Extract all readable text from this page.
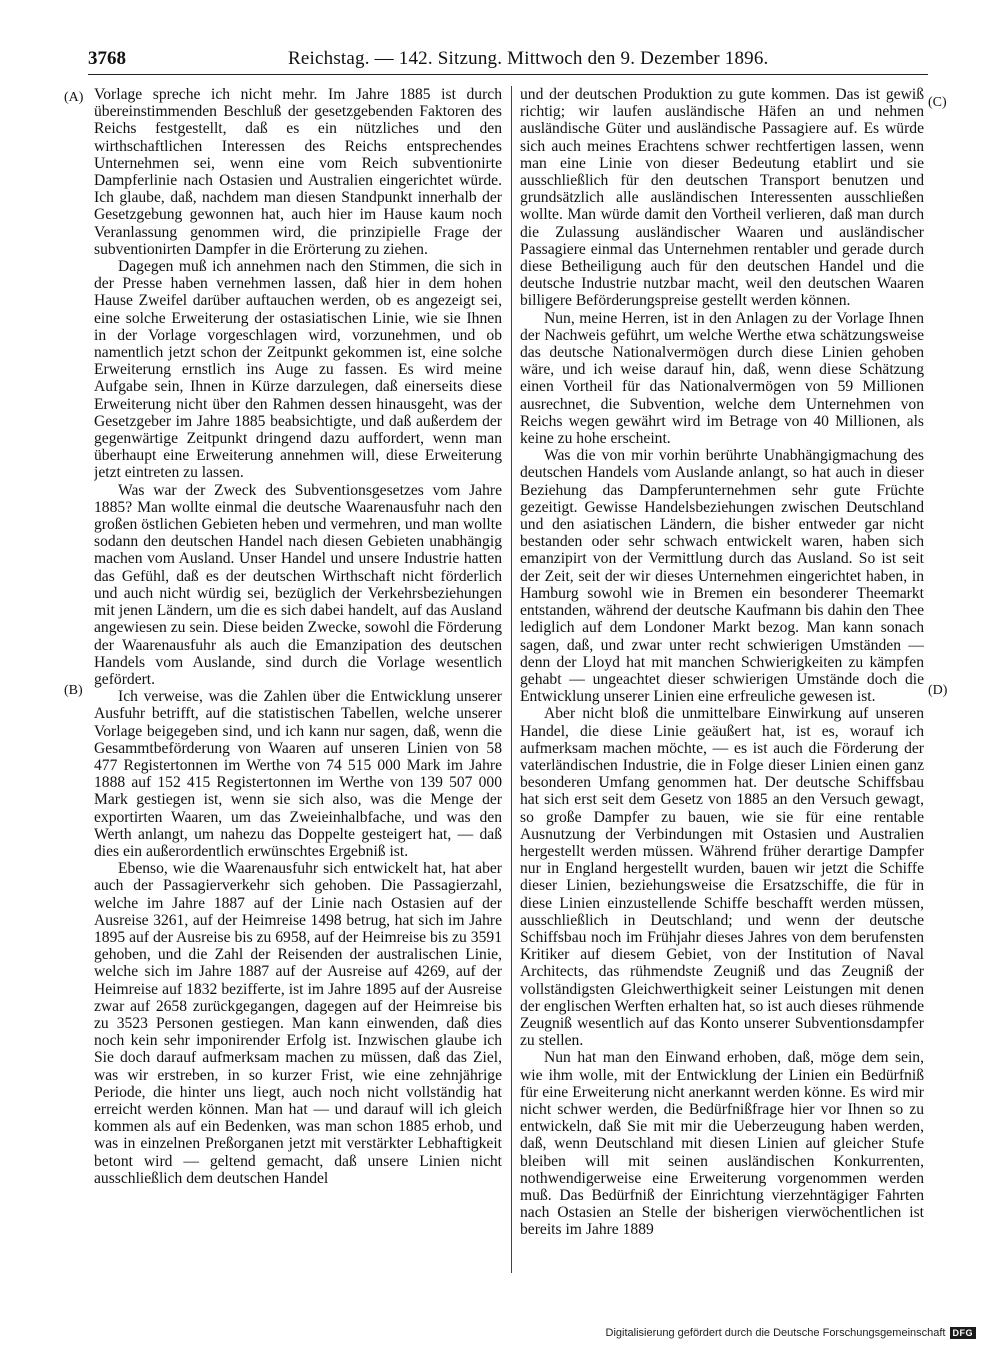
3768	Reichstag. — 142. Sitzung. Mittwoch den 9. Dezember 1896.
(A)
(B)
(C)
(D)

Vorlage spreche ich nicht mehr. Im Jahre 1885 ist durch übereinstimmenden Beschluß der gesetzgebenden Faktoren des Reichs festgestellt, daß es ein nützliches und den wirthschaftlichen Interessen des Reichs entsprechendes Unternehmen sei, wenn eine vom Reich subventionirte Dampferlinie nach Ostasien und Australien eingerichtet würde. Ich glaube, daß, nachdem man diesen Standpunkt innerhalb der Gesetzgebung gewonnen hat, auch hier im Hause kaum noch Veranlassung genommen wird, die prinzipielle Frage der subventionirten Dampfer in die Erörterung zu ziehen.

Dagegen muß ich annehmen nach den Stimmen, die sich in der Presse haben vernehmen lassen, daß hier in dem hohen Hause Zweifel darüber auftauchen werden, ob es angezeigt sei, eine solche Erweiterung der ostasiatischen Linie, wie sie Ihnen in der Vorlage vorgeschlagen wird, vorzunehmen, und ob namentlich jetzt schon der Zeitpunkt gekommen ist, eine solche Erweiterung ernstlich ins Auge zu fassen. Es wird meine Aufgabe sein, Ihnen in Kürze darzulegen, daß einerseits diese Erweiterung nicht über den Rahmen dessen hinausgeht, was der Gesetzgeber im Jahre 1885 beabsichtigte, und daß außerdem der gegenwärtige Zeitpunkt dringend dazu auffordert, wenn man überhaupt eine Erweiterung annehmen will, diese Erweiterung jetzt eintreten zu lassen.

Was war der Zweck des Subventionsgesetzes vom Jahre 1885? Man wollte einmal die deutsche Waarenausfuhr nach den großen östlichen Gebieten heben und vermehren, und man wollte sodann den deutschen Handel nach diesen Gebieten unabhängig machen vom Ausland. Unser Handel und unsere Industrie hatten das Gefühl, daß es der deutschen Wirthschaft nicht förderlich und auch nicht würdig sei, bezüglich der Verkehrsbeziehungen mit jenen Ländern, um die es sich dabei handelt, auf das Ausland angewiesen zu sein. Diese beiden Zwecke, sowohl die Förderung der Waarenausfuhr als auch die Emanzipation des deutschen Handels vom Auslande, sind durch die Vorlage wesentlich gefördert.

Ich verweise, was die Zahlen über die Entwicklung unserer Ausfuhr betrifft, auf die statistischen Tabellen, welche unserer Vorlage beigegeben sind, und ich kann nur sagen, daß, wenn die Gesammtbeförderung von Waaren auf unseren Linien von 58 477 Registertonnen im Werthe von 74 515 000 Mark im Jahre 1888 auf 152 415 Registertonnen im Werthe von 139 507 000 Mark gestiegen ist, wenn sie sich also, was die Menge der exportirten Waaren, um das Zweieinhalbfache, und was den Werth anlangt, um nahezu das Doppelte gesteigert hat, — daß dies ein außerordentlich erwünschtes Ergebniß ist.

Ebenso, wie die Waarenausfuhr sich entwickelt hat, hat aber auch der Passagierverkehr sich gehoben. Die Passagierzahl, welche im Jahre 1887 auf der Linie nach Ostasien auf der Ausreise 3261, auf der Heimreise 1498 betrug, hat sich im Jahre 1895 auf der Ausreise bis zu 6958, auf der Heimreise bis zu 3591 gehoben, und die Zahl der Reisenden der australischen Linie, welche sich im Jahre 1887 auf der Ausreise auf 4269, auf der Heimreise auf 1832 bezifferte, ist im Jahre 1895 auf der Ausreise zwar auf 2658 zurückgegangen, dagegen auf der Heimreise bis zu 3523 Personen gestiegen. Man kann einwenden, daß dies noch kein sehr imponirender Erfolg ist. Inzwischen glaube ich Sie doch darauf aufmerksam machen zu müssen, daß das Ziel, was wir erstreben, in so kurzer Frist, wie eine zehnjährige Periode, die hinter uns liegt, auch noch nicht vollständig hat erreicht werden können. Man hat — und darauf will ich gleich kommen als auf ein Bedenken, was man schon 1885 erhob, und was in einzelnen Preßorganen jetzt mit verstärkter Lebhaftigkeit betont wird — geltend gemacht, daß unsere Linien nicht ausschließlich dem deutschen Handel

und der deutschen Produktion zu gute kommen. Das ist gewiß richtig; wir laufen ausländische Häfen an und nehmen ausländische Güter und ausländische Passagiere auf. Es würde sich auch meines Erachtens schwer rechtfertigen lassen, wenn man eine Linie von dieser Bedeutung etablirt und sie ausschließlich für den deutschen Transport benutzen und grundsätzlich alle ausländischen Interessenten ausschließen wollte. Man würde damit den Vortheil verlieren, daß man durch die Zulassung ausländischer Waaren und ausländischer Passagiere einmal das Unternehmen rentabler und gerade durch diese Betheiligung auch für den deutschen Handel und die deutsche Industrie nutzbar macht, weil den deutschen Waaren billigere Beförderungspreise gestellt werden können.

Nun, meine Herren, ist in den Anlagen zu der Vorlage Ihnen der Nachweis geführt, um welche Werthe etwa schätzungsweise das deutsche Nationalvermögen durch diese Linien gehoben wäre, und ich weise darauf hin, daß, wenn diese Schätzung einen Vortheil für das Nationalvermögen von 59 Millionen ausrechnet, die Subvention, welche dem Unternehmen von Reichs wegen gewährt wird im Betrage von 40 Millionen, als keine zu hohe erscheint.

Was die von mir vorhin berührte Unabhängigmachung des deutschen Handels vom Auslande anlangt, so hat auch in dieser Beziehung das Dampferunternehmen sehr gute Früchte gezeitigt. Gewisse Handelsbeziehungen zwischen Deutschland und den asiatischen Ländern, die bisher entweder gar nicht bestanden oder sehr schwach entwickelt waren, haben sich emanzipirt von der Vermittlung durch das Ausland. So ist seit der Zeit, seit der wir dieses Unternehmen eingerichtet haben, in Hamburg sowohl wie in Bremen ein besonderer Theemarkt entstanden, während der deutsche Kaufmann bis dahin den Thee lediglich auf dem Londoner Markt bezog. Man kann sonach sagen, daß, und zwar unter recht schwierigen Umständen — denn der Lloyd hat mit manchen Schwierigkeiten zu kämpfen gehabt — ungeachtet dieser schwierigen Umstände doch die Entwicklung unserer Linien eine erfreuliche gewesen ist.

Aber nicht bloß die unmittelbare Einwirkung auf unseren Handel, die diese Linie geäußert hat, ist es, worauf ich aufmerksam machen möchte, — es ist auch die Förderung der vaterländischen Industrie, die in Folge dieser Linien einen ganz besonderen Umfang genommen hat. Der deutsche Schiffsbau hat sich erst seit dem Gesetz von 1885 an den Versuch gewagt, so große Dampfer zu bauen, wie sie für eine rentable Ausnutzung der Verbindungen mit Ostasien und Australien hergestellt werden müssen. Während früher derartige Dampfer nur in England hergestellt wurden, bauen wir jetzt die Schiffe dieser Linien, beziehungsweise die Ersatzschiffe, die für in diese Linien einzustellende Schiffe beschafft werden müssen, ausschließlich in Deutschland; und wenn der deutsche Schiffsbau noch im Frühjahr dieses Jahres von dem berufensten Kritiker auf diesem Gebiet, von der Institution of Naval Architects, das rühmendste Zeugniß und das Zeugniß der vollständigsten Gleichwerthigkeit seiner Leistungen mit denen der englischen Werften erhalten hat, so ist auch dieses rühmende Zeugniß wesentlich auf das Konto unserer Subventionsdampfer zu stellen.

Nun hat man den Einwand erhoben, daß, möge dem sein, wie ihm wolle, mit der Entwicklung der Linien ein Bedürfniß für eine Erweiterung nicht anerkannt werden könne. Es wird mir nicht schwer werden, die Bedürfnißfrage hier vor Ihnen so zu entwickeln, daß Sie mit mir die Ueberzeugung haben werden, daß, wenn Deutschland mit diesen Linien auf gleicher Stufe bleiben will mit seinen ausländischen Konkurrenten, nothwendigerweise eine Erweiterung vorgenommen werden muß. Das Bedürfniß der Einrichtung vierzehntägiger Fahrten nach Ostasien an Stelle der bisherigen vierwöchentlichen ist bereits im Jahre 1889

Digitalisierung gefördert durch die Deutsche Forschungsgemeinschaft DFG
